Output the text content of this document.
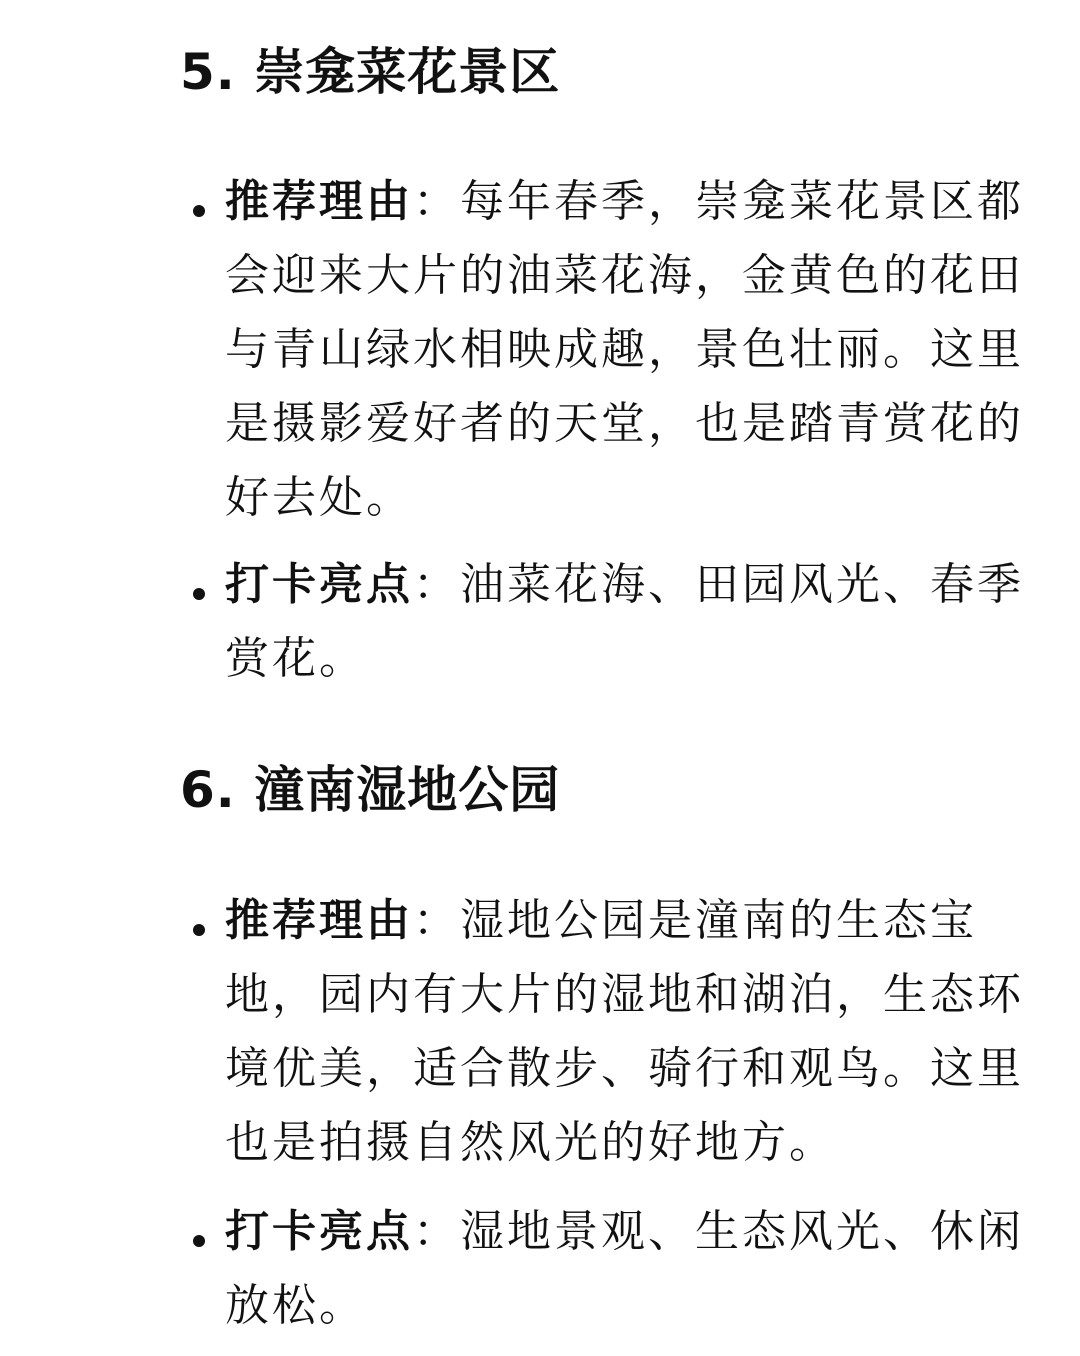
5. 崇龛菜花景区

推荐理由：每年春季，崇龛菜花景区都会迎来大片的油菜花海，金黄色的花田与青山绿水相映成趣，景色壮丽。这里是摄影爱好者的天堂，也是踏青赏花的好去处。

打卡亮点：油菜花海、田园风光、春季赏花。

6. 潼南湿地公园

推荐理由：湿地公园是潼南的生态宝地，园内有大片的湿地和湖泊，生态环境优美，适合散步、骑行和观鸟。这里也是拍摄自然风光的好地方。

打卡亮点：湿地景观、生态风光、休闲放松。
